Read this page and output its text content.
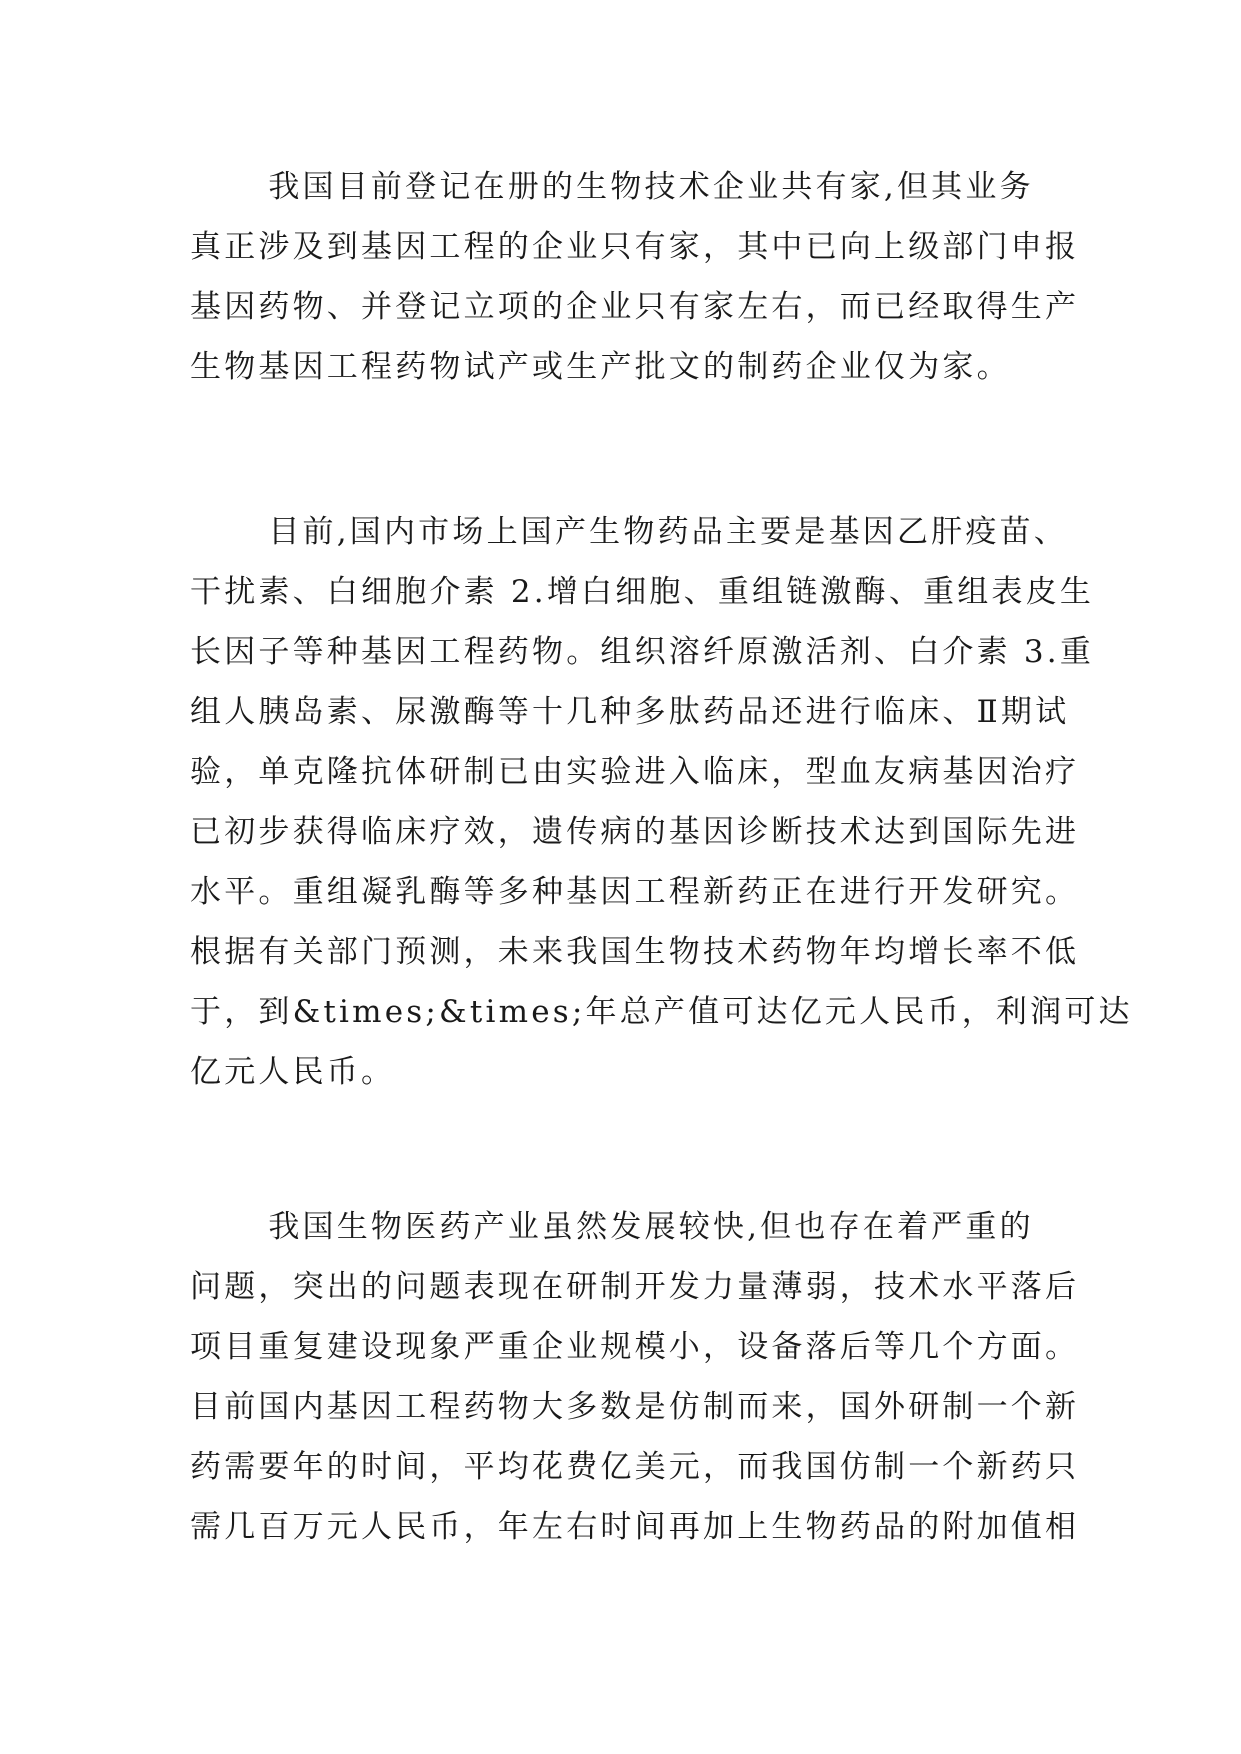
我国目前登记在册的生物技术企业共有家,但其业务
真正涉及到基因工程的企业只有家，其中已向上级部门申报
基因药物、并登记立项的企业只有家左右，而已经取得生产
生物基因工程药物试产或生产批文的制药企业仅为家。
目前,国内市场上国产生物药品主要是基因乙肝疫苗、
干扰素、白细胞介素 2.增白细胞、重组链激酶、重组表皮生
长因子等种基因工程药物。组织溶纤原激活剂、白介素 3.重
组人胰岛素、尿激酶等十几种多肽药品还进行临床、Ⅱ期试
验，单克隆抗体研制已由实验进入临床，型血友病基因治疗
已初步获得临床疗效，遗传病的基因诊断技术达到国际先进
水平。重组凝乳酶等多种基因工程新药正在进行开发研究。
根据有关部门预测，未来我国生物技术药物年均增长率不低
于，到&times;&times;年总产值可达亿元人民币，利润可达
亿元人民币。
我国生物医药产业虽然发展较快,但也存在着严重的
问题，突出的问题表现在研制开发力量薄弱，技术水平落后
项目重复建设现象严重企业规模小，设备落后等几个方面。
目前国内基因工程药物大多数是仿制而来，国外研制一个新
药需要年的时间，平均花费亿美元，而我国仿制一个新药只
需几百万元人民币，年左右时间再加上生物药品的附加值相
